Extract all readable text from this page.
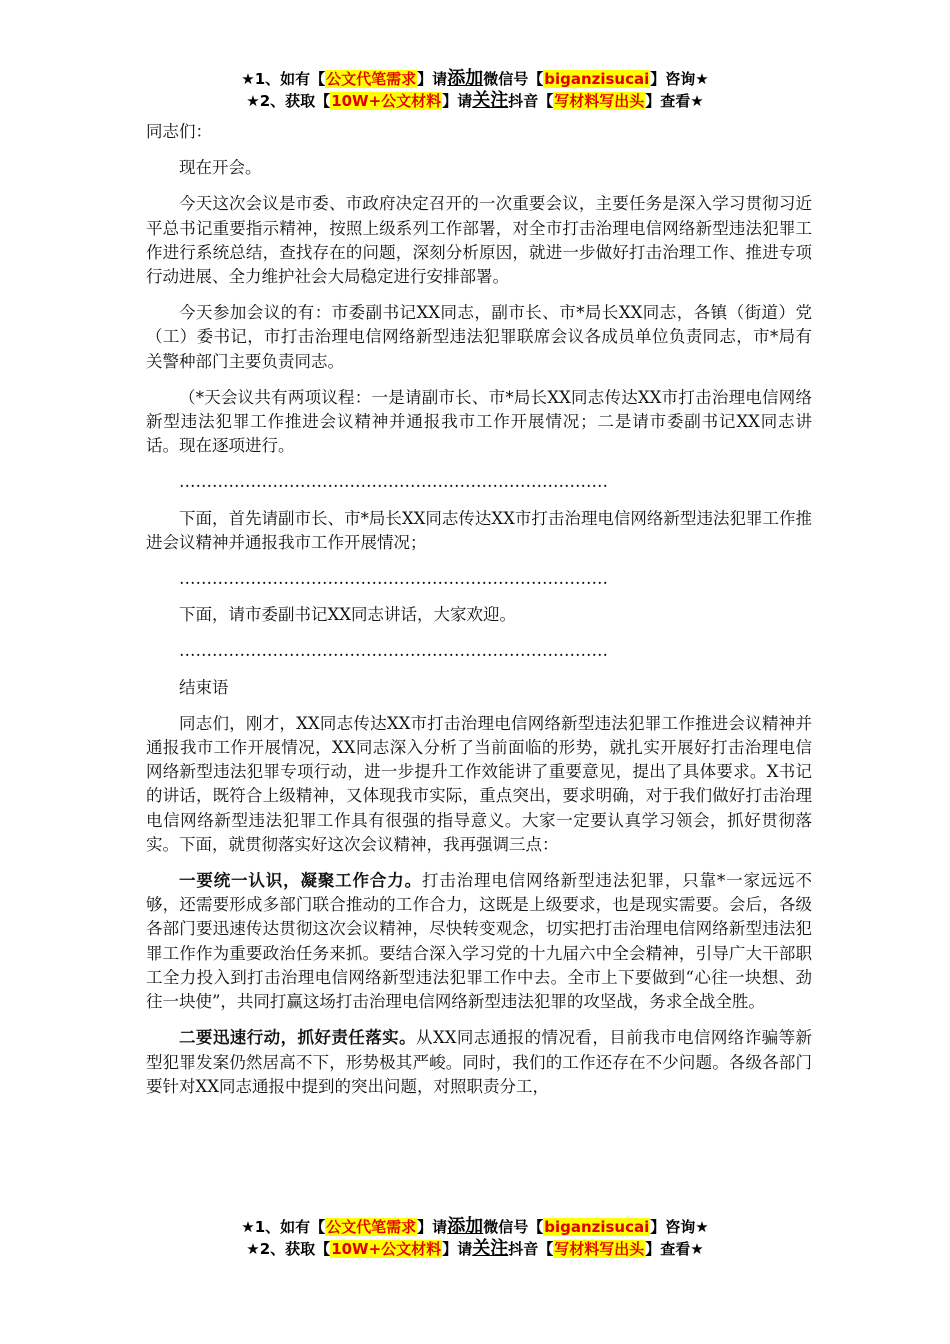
★1、如有【公文代笔需求】请添加微信号【biganzisucai】咨询★
★2、获取【10W+公文材料】请关注抖音【写材料写出头】查看★

同志们：

现在开会。

今天这次会议是市委、市政府决定召开的一次重要会议，主要任务是深入学习贯彻习近平总书记重要指示精神，按照上级系列工作部署，对全市打击治理电信网络新型违法犯罪工作进行系统总结，查找存在的问题，深刻分析原因，就进一步做好打击治理工作、推进专项行动进展、全力维护社会大局稳定进行安排部署。

今天参加会议的有：市委副书记XX同志，副市长、市*局长XX同志，各镇（街道）党（工）委书记，市打击治理电信网络新型违法犯罪联席会议各成员单位负责同志，市*局有关警种部门主要负责同志。

（*天会议共有两项议程：一是请副市长、市*局长XX同志传达XX市打击治理电信网络新型违法犯罪工作推进会议精神并通报我市工作开展情况；二是请市委副书记XX同志讲话。现在逐项进行。

……………………………………………………………………

下面，首先请副市长、市*局长XX同志传达XX市打击治理电信网络新型违法犯罪工作推进会议精神并通报我市工作开展情况；

……………………………………………………………………

下面，请市委副书记XX同志讲话，大家欢迎。

……………………………………………………………………

结束语

同志们，刚才，XX同志传达XX市打击治理电信网络新型违法犯罪工作推进会议精神并通报我市工作开展情况，XX同志深入分析了当前面临的形势，就扎实开展好打击治理电信网络新型违法犯罪专项行动，进一步提升工作效能讲了重要意见，提出了具体要求。X书记的讲话，既符合上级精神，又体现我市实际，重点突出，要求明确，对于我们做好打击治理电信网络新型违法犯罪工作具有很强的指导意义。大家一定要认真学习领会，抓好贯彻落实。下面，就贯彻落实好这次会议精神，我再强调三点：

一要统一认识，凝聚工作合力。打击治理电信网络新型违法犯罪，只靠*一家远远不够，还需要形成多部门联合推动的工作合力，这既是上级要求，也是现实需要。会后，各级各部门要迅速传达贯彻这次会议精神，尽快转变观念，切实把打击治理电信网络新型违法犯罪工作作为重要政治任务来抓。要结合深入学习党的十九届六中全会精神，引导广大干部职工全力投入到打击治理电信网络新型违法犯罪工作中去。全市上下要做到“心往一块想、劲往一块使”，共同打赢这场打击治理电信网络新型违法犯罪的攻坚战，务求全战全胜。

二要迅速行动，抓好责任落实。从XX同志通报的情况看，目前我市电信网络诈骗等新型犯罪发案仍然居高不下，形势极其严峻。同时，我们的工作还存在不少问题。各级各部门要针对XX同志通报中提到的突出问题，对照职责分工，

★1、如有【公文代笔需求】请添加微信号【biganzisucai】咨询★
★2、获取【10W+公文材料】请关注抖音【写材料写出头】查看★
